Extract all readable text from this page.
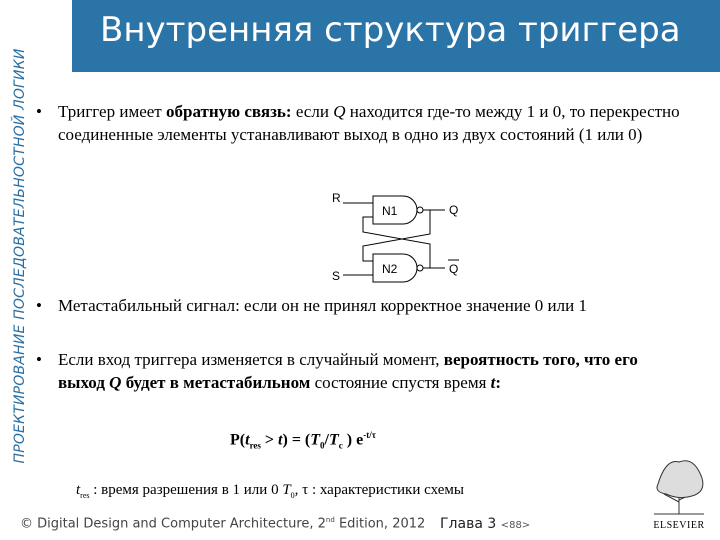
ПРОЕКТИРОВАНИЕ ПОСЛЕДОВАТЕЛЬНОСТНОЙ ЛОГИКИ
Внутренняя структура триггера
• Триггер имеет обратную связь: если Q находится где-то между 1 и 0, то перекрестно соединенные элементы устанавливают выход в одно из двух состояний (1 или 0)
R
S
N1
N2
Q
Q
• Метастабильный сигнал: если он не принял корректное значение 0 или 1
• Если вход триггера изменяется в случайный момент, вероятность того, что его выход Q будет в метастабильном состояние спустя время t:
$P(t_{res} > t) = (T_0/T_c$ ) $e^{-t/\tau}$
$t_{res}$ : время разрешения в 1 или 0 $T_0$, τ : характеристики схемы
© Digital Design and Computer Architecture, 2nd Edition, 2012 Глава 3 <88>	ELSEVIER
